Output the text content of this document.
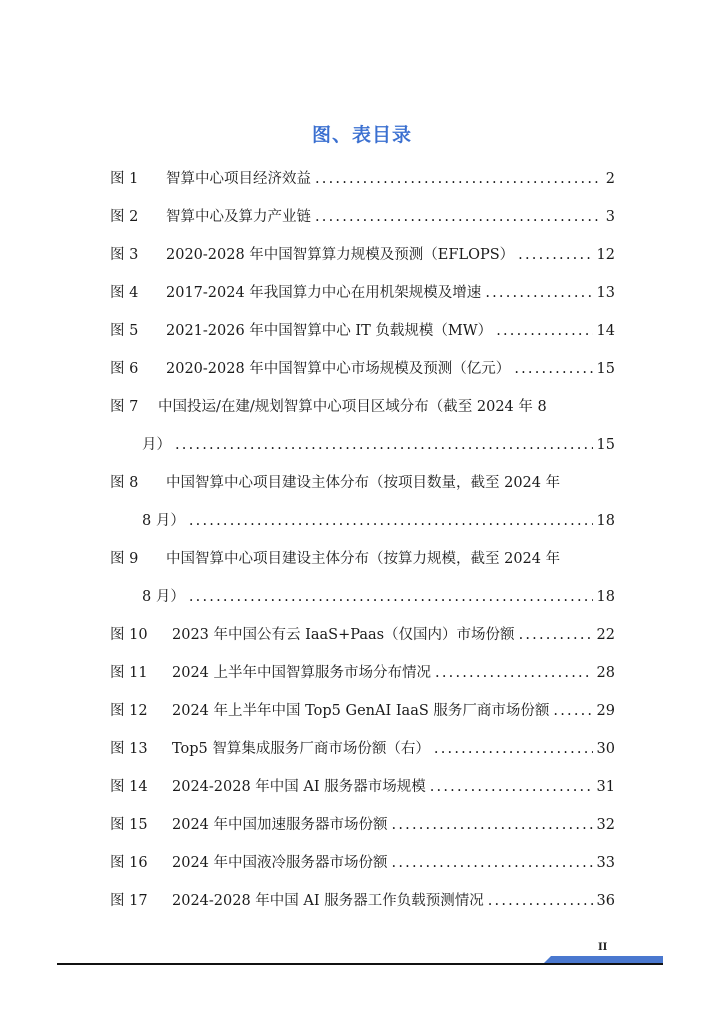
图、表目录
图 1	智算中心项目经济效益 .....	2
图 2	智算中心及算力产业链 .....	3
图 3	2020-2028 年中国智算算力规模及预测（EFLOPS） .....	12
图 4	2017-2024 年我国算力中心在用机架规模及增速 .....	13
图 5	2021-2026 年中国智算中心 IT 负载规模（MW） .....	14
图 6	2020-2028 年中国智算中心市场规模及预测（亿元） .....	15
图 7	中国投运/在建/规划智算中心项目区域分布（截至 2024 年 8
月） .....	15
图 8	中国智算中心项目建设主体分布（按项目数量，截至 2024 年
8 月） .....	18
图 9	中国智算中心项目建设主体分布（按算力规模，截至 2024 年
8 月） .....	18
图 10	2023 年中国公有云 IaaS+Paas（仅国内）市场份额 .....	22
图 11	2024 上半年中国智算服务市场分布情况 .....	28
图 12	2024 年上半年中国 Top5 GenAI IaaS 服务厂商市场份额 .....	29
图 13	Top5 智算集成服务厂商市场份额（右） .....	30
图 14	2024-2028 年中国 AI 服务器市场规模 .....	31
图 15	2024 年中国加速服务器市场份额 .....	32
图 16	2024 年中国液冷服务器市场份额 .....	33
图 17	2024-2028 年中国 AI 服务器工作负载预测情况 .....	36
II
